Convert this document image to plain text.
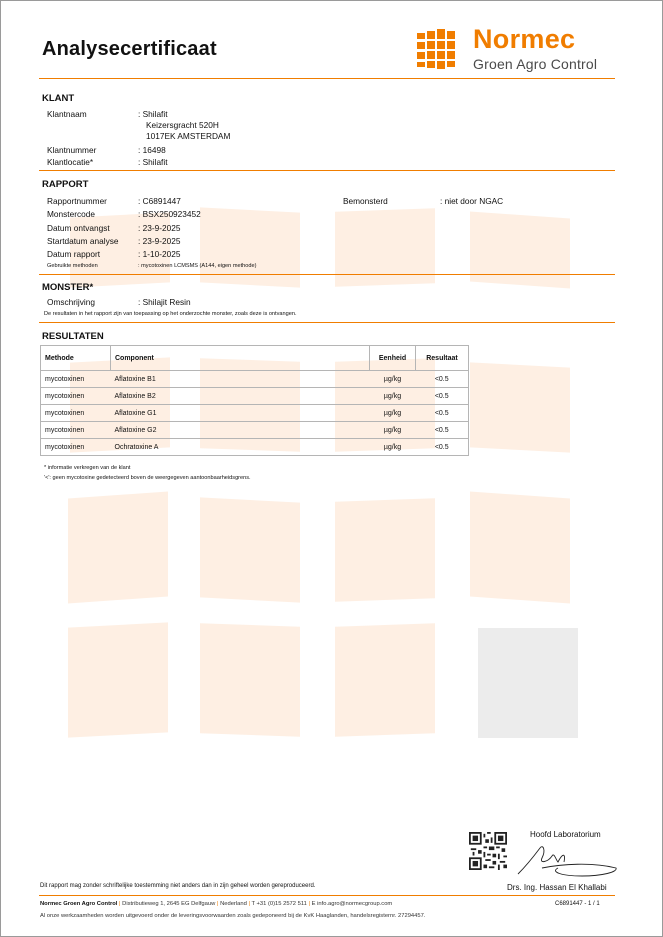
Analysecertificaat	Normec
Groen Agro Control
KLANT
Klantnaam	: Shilafit
Keizersgracht 520H
1017EK AMSTERDAM
Klantnummer	: 16498
Klantlocatie*	: Shilafit
RAPPORT
Rapportnummer	: C6891447	Bemonsterd	: niet door NGAC
Monstercode	: BSX250923452
Datum ontvangst	: 23-9-2025
Startdatum analyse : 23-9-2025
Datum rapport	: 1-10-2025
Gebruikte methoden	: mycotoxinen LCMSMS (A144, eigen methode)
MONSTER*
Omschrijving	: Shilajit Resin
De resultaten in het rapport zijn van toepassing op het onderzochte monster, zoals deze is ontvangen.
RESULTATEN
Methode	Component	Eenheid	Resultaat
mycotoxinen	Aflatoxine B1	µg/kg	<0.5
mycotoxinen	Aflatoxine B2	µg/kg	<0.5
mycotoxinen	Aflatoxine G1	µg/kg	<0.5
mycotoxinen	Aflatoxine G2	µg/kg	<0.5
mycotoxinen	Ochratoxine A	µg/kg	<0.5
* informatie verkregen van de klant
'<': geen mycotoxine gedetecteerd boven de weergegeven aantoonbaarheidsgrens.
Hoofd Laboratorium
Drs. Ing. Hassan El Khallabi
Dit rapport mag zonder schriftelijke toestemming niet anders dan in zijn geheel worden gereproduceerd.
Normec Groen Agro Control | Distributieweg 1, 2645 EG Delfgauw | Nederland | T +31 (0)15 2572 511 | E info.agro@normecgroup.com	C6891447 - 1 / 1
Al onze werkzaamheden worden uitgevoerd onder de leveringsvoorwaarden zoals gedeponeerd bij de KvK Haaglanden, handelsregisternr. 27294457.
